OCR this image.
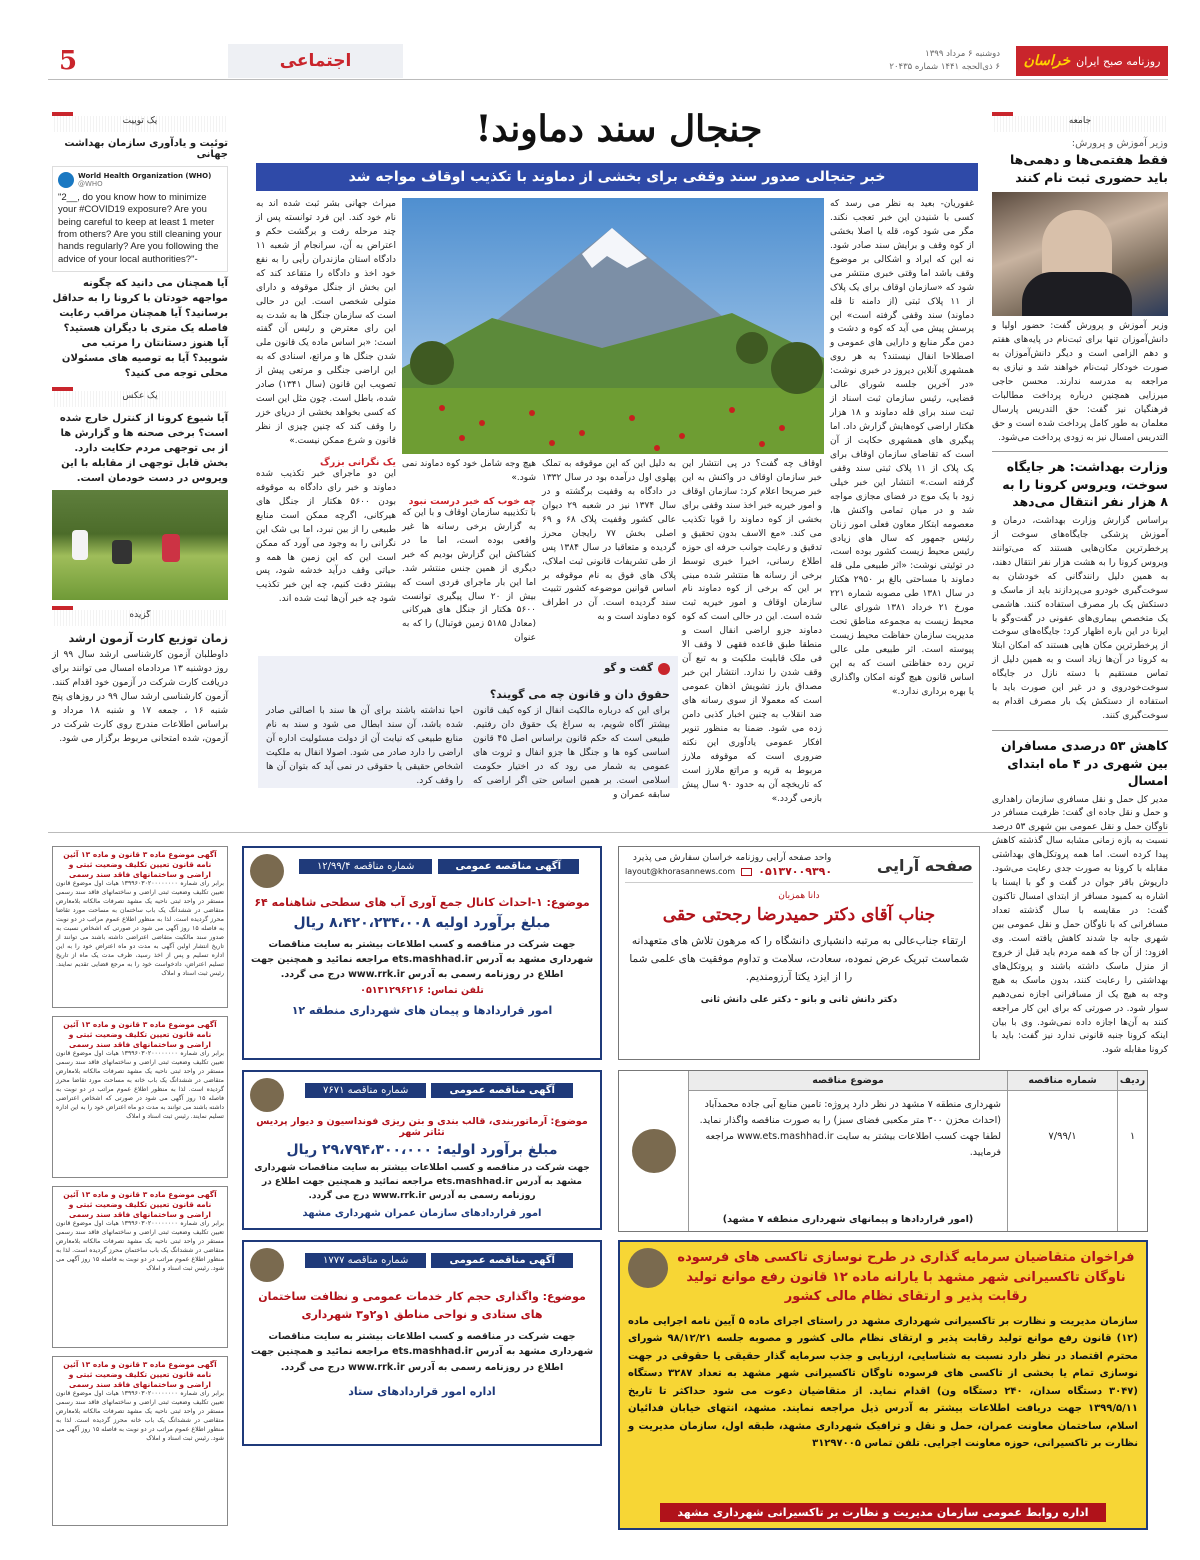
روزنامه صبح ایران
خراسان
دوشنبه ۶ مرداد ۱۳۹۹
۶ ذی‌الحجه ۱۴۴۱ شماره ۲۰۴۳۵
اجتماعی
5
جامعه
وزیر آموزش و پرورش:
فقط هفتمی‌ها و دهمی‌ها باید حضوری ثبت نام کنند

وزیر آموزش و پرورش گفت: حضور اولیا و دانش‌آموزان تنها برای ثبت‌نام در پایه‌های هفتم و دهم الزامی است و دیگر دانش‌آموزان به صورت خودکار ثبت‌نام خواهند شد و نیازی به مراجعه به مدرسه ندارند. محسن حاجی میرزایی همچنین درباره پرداخت مطالبات فرهنگیان نیز گفت: حق التدریس پارسال معلمان به طور کامل پرداخت شده است و حق التدریس امسال نیز به زودی پرداخت می‌شود.

وزارت بهداشت: هر جایگاه سوخت، ویروس کرونا را به ۸ هزار نفر انتقال می‌دهد

براساس گزارش وزارت بهداشت، درمان و آموزش پزشکی جایگاه‌های سوخت از پرخطرترین مکان‌هایی هستند که می‌توانند ویروس کرونا را به هشت هزار نفر انتقال دهند، به همین دلیل رانندگانی که خودشان به سوخت‌گیری خودرو می‌پردازند باید از ماسک و دستکش یک بار مصرف استفاده کنند. هاشمی یک متخصص بیماری‌های عفونی در گفت‌وگو با ایرنا در این باره اظهار کرد: جایگاه‌های سوخت از پرخطرترین مکان هایی هستند که امکان ابتلا به کرونا در آن‌ها زیاد است و به همین دلیل از تماس مستقیم با دسته نازل در جایگاه سوخت‌خودروی و در غیر این صورت باید با استفاده از دستکش یک بار مصرف اقدام به سوخت‌گیری کنند.

کاهش ۵۳ درصدی مسافران بین شهری در ۴ ماه ابتدای امسال

مدیر کل حمل و نقل مسافری سازمان راهداری و حمل و نقل جاده ای گفت: ظرفیت مسافر در ناوگان حمل و نقل عمومی بین شهری ۵۳ درصد نسبت به بازه زمانی مشابه سال گذشته کاهش پیدا کرده است. اما همه پروتکل‌های بهداشتی مقابله با کرونا به صورت جدی رعایت می‌شود. داریوش باقر جوان در گفت و گو با ایسنا با اشاره به کمبود مسافر از ابتدای امسال تاکنون گفت: در مقایسه با سال گذشته تعداد مسافرانی که با ناوگان حمل و نقل عمومی بین شهری جابه جا شدند کاهش یافته است. وی افزود: از آن جا که همه مردم باید قبل از خروج از منزل ماسک داشته باشند و پروتکل‌های بهداشتی را رعایت کنند، بدون ماسک به هیچ وجه به هیچ یک از مسافرانی اجازه نمی‌دهیم سوار شود. در صورتی که برای این کار مراجعه کنند به آن‌ها اجازه داده نمی‌شود. وی با بیان اینکه کرونا جنبه قانونی ندارد نیز گفت: باید با کرونا مقابله شود.

یک توییت
توئیت و یادآوری سازمان بهداشت جهانی
World Health Organization (WHO)
@WHO
"2__, do you know how to minimize your #COVID19 exposure? Are you being careful to keep at least 1 meter from others? Are you still cleaning your hands regularly? Are you following the advice of your local authorities?"-
آیا همچنان می دانید که چگونه مواجهه خودتان با کرونا را به حداقل برسانید؟ آیا همچنان مراقب رعایت فاصله یک متری با دیگران هستید؟ آیا هنوز دستانتان را مرتب می شویید؟ آیا به توصیه های مسئولان محلی توجه می کنید؟
یک عکس
آیا شیوع کرونا از کنترل خارج شده است؟ برخی صحنه ها و گزارش ها از بی توجهی مردم حکایت دارد. بخش قابل توجهی از مقابله با این ویروس در دست خودمان است.
گزیده
زمان توزیع کارت آزمون ارشد

داوطلبان آزمون کارشناسی ارشد سال ۹۹ از روز دوشنبه ۱۳ مردادماه امسال می توانند برای دریافت کارت شرکت در آزمون خود اقدام کنند. آزمون کارشناسی ارشد سال ۹۹ در روزهای پنج شنبه ۱۶ ، جمعه ۱۷ و شنبه ۱۸ مرداد و براساس اطلاعات مندرج روی کارت شرکت در آزمون، شده امتحانی مربوط برگزار می شود.

جنجال سند دماوند!
خبر جنجالی صدور سند وقفی برای بخشی از دماوند با تکذیب اوقاف مواجه شد

غفوریان- بعید به نظر می رسد که کسی با شنیدن این خبر تعجب نکند. مگر می شود کوه، قله یا اصلا بخشی از کوه وقف و برایش سند صادر شود. نه این که ایراد و اشکالی بر موضوع وقف باشد اما وقتی خبری منتشر می شود که «سازمان اوقاف برای یک پلاک از ۱۱ پلاک ثبتی (از دامنه تا قله دماوند) سند وقفی گرفته است» این پرسش پیش می آید که کوه و دشت و دمن مگر منابع و دارایی های عمومی و اصطلاحا انفال نیستند؟ به هر روی همشهری آنلاین دیروز در خبری نوشت: «در آخرین جلسه شورای عالی قضایی، رئیس سازمان ثبت اسناد از ثبت سند برای قله دماوند و ۱۸ هزار هکتار اراضی کوه‌هایش گزارش داد. اما پیگیری های همشهری حکایت از آن است که تقاضای سازمان اوقاف برای یک پلاک از ۱۱ پلاک ثبتی سند وقفی گرفته است.» انتشار این خبر خیلی زود با یک موج در فضای مجازی مواجه شد و در میان تمامی واکنش ها، معصومه ابتکار معاون فعلی امور زنان رئیس جمهور که سال های زیادی رئیس محیط زیست کشور بوده است، در توئیتی نوشت: «اثر طبیعی ملی قله دماوند با مساحتی بالغ بر ۲۹۵۰ هکتار در سال ۱۳۸۱ طی مصوبه شماره ۲۲۱ مورخ ۲۱ خرداد ۱۳۸۱ شورای عالی محیط زیست به مجموعه مناطق تحت مدیریت سازمان حفاظت محیط زیست پیوسته است. اثر طبیعی ملی عالی ترین رده حفاظتی است که به این اساس قانون هیچ گونه امکان واگذاری یا بهره برداری ندارد.»

اوقاف چه گفت؟ در پی انتشار این خبر سازمان اوقاف در واکنش به این خبر صریحا اعلام کرد: سازمان اوقاف و امور خیریه خبر اخذ سند وقفی برای بخشی از کوه دماوند را قویا تکذیب می کند. «مع الاسف بدون تحقیق و تدقیق و رعایت جوانب حرفه ای حوزه اطلاع رسانی، اخیرا خبری توسط برخی از رسانه ها منتشر شده مبنی بر این که برخی از کوه دماوند نام سازمان اوقاف و امور خیریه ثبت شده است. این در حالی است که کوه دماوند جزو اراضی انفال است و منطقا طبق قاعده فقهی لا وقف الا فی ملک قابلیت ملکیت و به تبع آن وقف شدن را ندارد. انتشار این خبر مصداق بارز تشویش اذهان عمومی است که معمولا از سوی رسانه های ضد انقلاب به چنین اخبار کذبی دامن زده می شود. ضمنا به منظور تنویر افکار عمومی یادآوری این نکته ضروری است که موقوفه ملارز مربوط به قریه و مراتع ملارز است که تاریخچه آن به حدود ۹۰ سال پیش بازمی گردد.»

به دلیل این که این موقوفه به تملک پهلوی اول درآمده بود در سال ۱۳۳۲ در دادگاه به وقفیت برگشته و در سال ۱۳۷۴ نیز در شعبه ۲۹ دیوان عالی کشور وقفیت پلاک ۶۸ و ۶۹ اصلی بخش ۷۷ رایجان محرز گردیده و متعاقبا در سال ۱۳۸۴ پس از طی تشریفات قانونی ثبت املاک، پلاک های فوق به نام موقوفه بر اساس قوانین موضوعه کشور تثبیت سند گردیده است. آن در اطراف کوه دماوند است و به

هیچ وجه شامل خود کوه دماوند نمی شود.»

چه خوب که خبر درست نبود

با تکذیبیه سازمان اوقاف و با این که به گزارش برخی رسانه ها غیر واقعی بوده است، اما ما در کشاکش این گزارش بودیم که خبر دیگری از همین جنس منتشر شد. اما این بار ماجرای فردی است که بیش از ۲۰ سال پیگیری توانست ۵۶۰۰ هکتار از جنگل های هیرکانی (معادل ۵۱۸۵ زمین فوتبال) را که به عنوان

میراث جهانی بشر ثبت شده اند به نام خود کند. این فرد توانسته پس از چند مرحله رفت و برگشت حکم و اعتراض به آن، سرانجام از شعبه ۱۱ دادگاه استان مازندران رأیی را به نفع خود اخذ و دادگاه را متقاعد کند که این بخش از جنگل موقوفه و دارای متولی شخصی است. این در حالی است که سازمان جنگل ها به شدت به این رای معترض و رئیس آن گفته است: «بر اساس ماده یک قانون ملی شدن جنگل ها و مراتع، اسنادی که به این اراضی جنگلی و مرتعی پیش از تصویب این قانون (سال ۱۳۴۱) صادر شده، باطل است. چون مثل این است که کسی بخواهد بخشی از دریای خزر را وقف کند که چنین چیزی از نظر قانون و شرع ممکن نیست.»

یک نگرانی بزرگ

این دو ماجرای خبر تکذیب شده دماوند و خبر رای دادگاه به موقوفه بودن ۵۶۰۰ هکتار از جنگل های هیرکانی، اگرچه ممکن است منابع طبیعی را از بین نبرد، اما بی شک این نگرانی را به وجود می آورد که ممکن است این که این زمین ها همه و حیاتی وقف درآید خدشه شود، پس بیشتر دقت کنیم، چه این خبر تکذیب شود چه خبر آن‌ها ثبت شده اند.

گفت و گو
حقوق دان و قانون چه می گویند؟

برای این که درباره مالکیت انفال از کوه کیف قانون بیشتر آگاه شویم، به سراغ یک حقوق دان رفتیم. طبیعی است که حکم قانون براساس اصل ۴۵ قانون اساسی کوه ها و جنگل ها جزو انفال و ثروت های عمومی به شمار می رود که در اختیار حکومت اسلامی است. بر همین اساس حتی اگر اراضی که سابقه عمران و

احیا نداشته باشند برای آن ها سند با اصالتی صادر شده باشد، آن سند ابطال می شود و سند به نام منابع طبیعی که نیابت آن از دولت مسئولیت اداره آن اراضی را دارد صادر می شود. اصولا انفال به ملکیت اشخاص حقیقی یا حقوقی در نمی آید که بتوان آن ها را وقف کرد.

آگهی موضوع ماده ۳ قانون و ماده ۱۳ آئین نامه قانون تعیین تکلیف وضعیت ثبتی و اراضی و ساختمانهای فاقد سند رسمی
برابر رای شماره ۱۳۹۹۶۰۳۰۲۰۰۰۰۰۰۰۰ هیات اول موضوع قانون تعیین تکلیف وضعیت ثبتی اراضی و ساختمانهای فاقد سند رسمی مستقر در واحد ثبتی ناحیه یک مشهد تصرفات مالکانه بلامعارض متقاضی در ششدانگ یک باب ساختمان به مساحت مورد تقاضا محرز گردیده است. لذا به منظور اطلاع عموم مراتب در دو نوبت به فاصله ۱۵ روز آگهی می شود در صورتی که اشخاص نسبت به صدور سند مالکیت متقاضی اعتراضی داشته باشند می توانند از تاریخ انتشار اولین آگهی به مدت دو ماه اعتراض خود را به این اداره تسلیم و پس از اخذ رسید، ظرف مدت یک ماه از تاریخ تسلیم اعتراض، دادخواست خود را به مرجع قضایی تقدیم نمایند. رئیس ثبت اسناد و املاک
آگهی موضوع ماده ۳ قانون و ماده ۱۳ آئین نامه قانون تعیین تکلیف وضعیت ثبتی و اراضی و ساختمانهای فاقد سند رسمی
برابر رای شماره ۱۳۹۹۶۰۳۰۲۰۰۰۰۰۰۰۰ هیات اول موضوع قانون تعیین تکلیف وضعیت ثبتی اراضی و ساختمانهای فاقد سند رسمی مستقر در واحد ثبتی ناحیه یک مشهد تصرفات مالکانه بلامعارض متقاضی در ششدانگ یک باب خانه به مساحت مورد تقاضا محرز گردیده است. لذا به منظور اطلاع عموم مراتب در دو نوبت به فاصله ۱۵ روز آگهی می شود در صورتی که اشخاص اعتراضی داشته باشند می توانند به مدت دو ماه اعتراض خود را به این اداره تسلیم نمایند. رئیس ثبت اسناد و املاک
آگهی موضوع ماده ۳ قانون و ماده ۱۳ آئین نامه قانون تعیین تکلیف وضعیت ثبتی و اراضی و ساختمانهای فاقد سند رسمی
برابر رای شماره ۱۳۹۹۶۰۳۰۲۰۰۰۰۰۰۰۰ هیات اول موضوع قانون تعیین تکلیف وضعیت ثبتی اراضی و ساختمانهای فاقد سند رسمی مستقر در واحد ثبتی ناحیه یک مشهد تصرفات مالکانه بلامعارض متقاضی در ششدانگ یک باب ساختمان محرز گردیده است. لذا به منظور اطلاع عموم مراتب در دو نوبت به فاصله ۱۵ روز آگهی می شود. رئیس ثبت اسناد و املاک
آگهی موضوع ماده ۳ قانون و ماده ۱۳ آئین نامه قانون تعیین تکلیف وضعیت ثبتی و اراضی و ساختمانهای فاقد سند رسمی
برابر رای شماره ۱۳۹۹۶۰۳۰۲۰۰۰۰۰۰۰۰ هیات اول موضوع قانون تعیین تکلیف وضعیت ثبتی اراضی و ساختمانهای فاقد سند رسمی مستقر در واحد ثبتی ناحیه یک مشهد تصرفات مالکانه بلامعارض متقاضی در ششدانگ یک باب خانه محرز گردیده است. لذا به منظور اطلاع عموم مراتب در دو نوبت به فاصله ۱۵ روز آگهی می شود. رئیس ثبت اسناد و املاک
آگهی مناقصه عمومی شماره مناقصه ۱۲/۹۹/۴
موضوع: ۱-احداث کانال جمع آوری آب های سطحی شاهنامه ۶۴
مبلغ برآورد اولیه ۸،۴۲۰،۲۳۴،۰۰۸ ریال
جهت شرکت در مناقصه و کسب اطلاعات بیشتر به سایت مناقصات شهرداری مشهد به آدرس ets.mashhad.ir مراجعه نمائید و همچنین جهت اطلاع در روزنامه رسمی به آدرس www.rrk.ir درج می گردد.
تلفن تماس: ۰۵۱۳۱۲۹۶۲۱۶
امور قراردادها و پیمان های شهرداری منطقه ۱۲
آگهی مناقصه عمومی شماره مناقصه ۷۶۷۱
موضوع: آرماتوربندی، قالب بندی و بتن ریزی فونداسیون و دیوار پردیس تئاتر شهر
مبلغ برآورد اولیه: ۲۹،۷۹۴،۳۰۰،۰۰۰ ریال
جهت شرکت در مناقصه و کسب اطلاعات بیشتر به سایت مناقصات شهرداری مشهد به آدرس ets.mashhad.ir مراجعه نمائید و همچنین جهت اطلاع در روزنامه رسمی به آدرس www.rrk.ir درج می گردد.
امور قراردادهای سازمان عمران شهرداری مشهد
آگهی مناقصه عمومی شماره مناقصه ۱۷۷۷
موضوع: واگذاری حجم کار خدمات عمومی و نظافت ساختمان های ستادی و نواحی مناطق ۱و۲و۳ شهرداری
جهت شرکت در مناقصه و کسب اطلاعات بیشتر به سایت مناقصات شهرداری مشهد به آدرس ets.mashhad.ir مراجعه نمائید و همچنین جهت اطلاع در روزنامه رسمی به آدرس www.rrk.ir درج می گردد.
اداره امور قراردادهای ستاد
صفحه آرایی
واحد صفحه آرایی روزنامه خراسان سفارش می پذیرد
۰۵۱۳۷۰۰۹۳۹۰
layout@khorasannews.com
دانا همزبان
جناب آقای دکتر حمیدرضا رجحتی حقی
ارتقاء جناب‌عالی به مرتبه دانشیاری دانشگاه را که مرهون تلاش های متعهدانه شماست تبریک عرض نموده، سعادت، سلامت و تداوم موفقیت های علمی شما را از ایزد یکتا آرزومندیم.
دکتر دانش ثانی و بانو - دکتر علی دانش ثانی
ردیف
شماره مناقصه
موضوع مناقصه
۱
۷/۹۹/۱
شهرداری منطقه ۷ مشهد در نظر دارد پروژه: تامین منابع آبی جاده محمدآباد (احداث مخزن ۳۰۰ متر مکعبی فضای سبز) را به صورت مناقصه واگذار نماید. لطفا جهت کسب اطلاعات بیشتر به سایت www.ets.mashhad.ir مراجعه فرمایید.
(امور قراردادها و پیمانهای شهرداری منطقه ۷ مشهد)
فراخوان متقاضیان سرمایه گذاری در طرح نوسازی تاکسی های فرسوده ناوگان تاکسیرانی شهر مشهد با یارانه ماده ۱۲ قانون رفع موانع تولید رقابت پذیر و ارتقای نظام مالی کشور
سازمان مدیریت و نظارت بر تاکسیرانی شهرداری مشهد در راستای اجرای ماده ۵ آیین نامه اجرایی ماده (۱۲) قانون رفع موانع تولید رقابت پذیر و ارتقای نظام مالی کشور و مصوبه جلسه ۹۸/۱۲/۲۱ شورای محترم اقتصاد در نظر دارد نسبت به شناسایی، ارزیابی و جذب سرمایه گذار حقیقی یا حقوقی در جهت نوسازی تمام یا بخشی از تاکسی های فرسوده ناوگان تاکسیرانی شهر مشهد به تعداد ۳۲۸۷ دستگاه (۳۰۴۷ دستگاه سدان، ۲۴۰ دستگاه ون) اقدام نماید. از متقاضیان دعوت می شود حداکثر تا تاریخ ۱۳۹۹/۵/۱۱ جهت دریافت اطلاعات بیشتر به آدرس ذیل مراجعه نمایند. مشهد، انتهای خیابان فدائیان اسلام، ساختمان معاونت عمران، حمل و نقل و ترافیک شهرداری مشهد، طبقه اول، سازمان مدیریت و نظارت بر تاکسیرانی، حوزه معاونت اجرایی. تلفن تماس ۳۱۲۹۷۰۰۵
اداره روابط عمومی سازمان مدیریت و نظارت بر تاکسیرانی شهرداری مشهد
